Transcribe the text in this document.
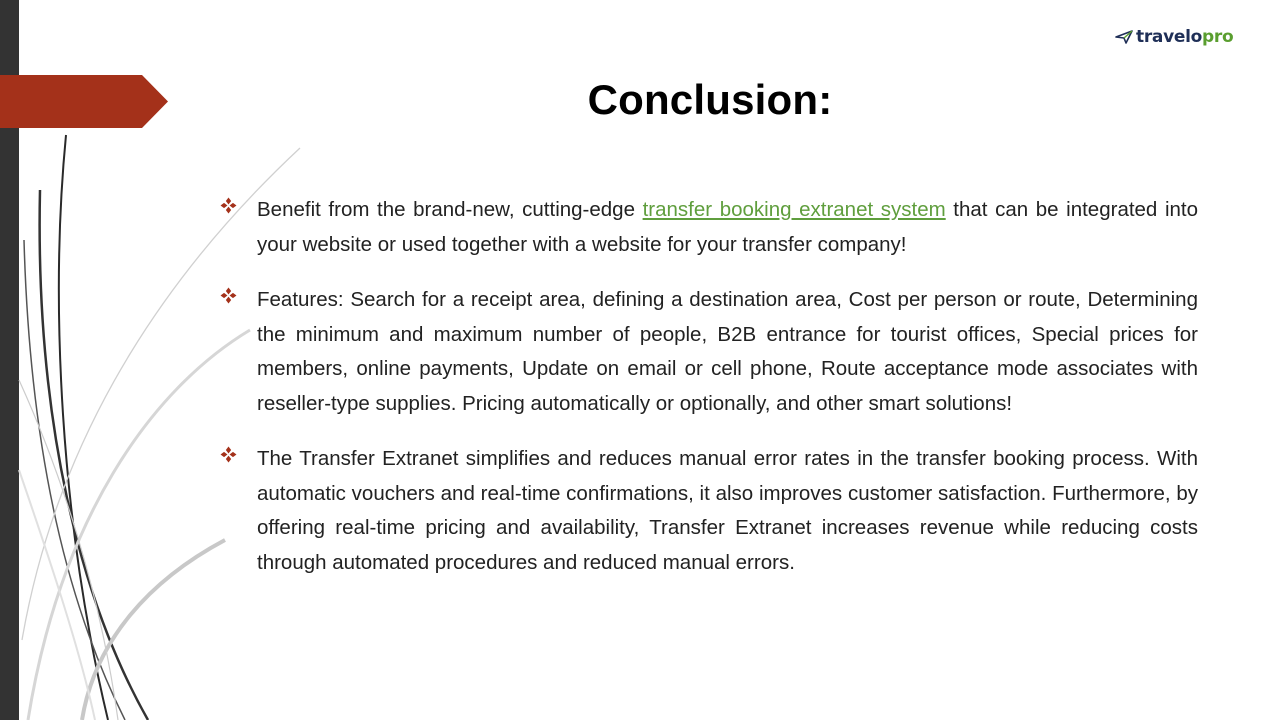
travelopro
Conclusion:

Benefit from the brand-new, cutting-edge transfer booking extranet system that can be integrated into your website or used together with a website for your transfer company!

Features: Search for a receipt area, defining a destination area, Cost per person or route, Determining the minimum and maximum number of people, B2B entrance for tourist offices, Special prices for members, online payments, Update on email or cell phone, Route acceptance mode associates with reseller-type supplies. Pricing automatically or optionally, and other smart solutions!

The Transfer Extranet simplifies and reduces manual error rates in the transfer booking process. With automatic vouchers and real-time confirmations, it also improves customer satisfaction. Furthermore, by offering real-time pricing and availability, Transfer Extranet increases revenue while reducing costs through automated procedures and reduced manual errors.
